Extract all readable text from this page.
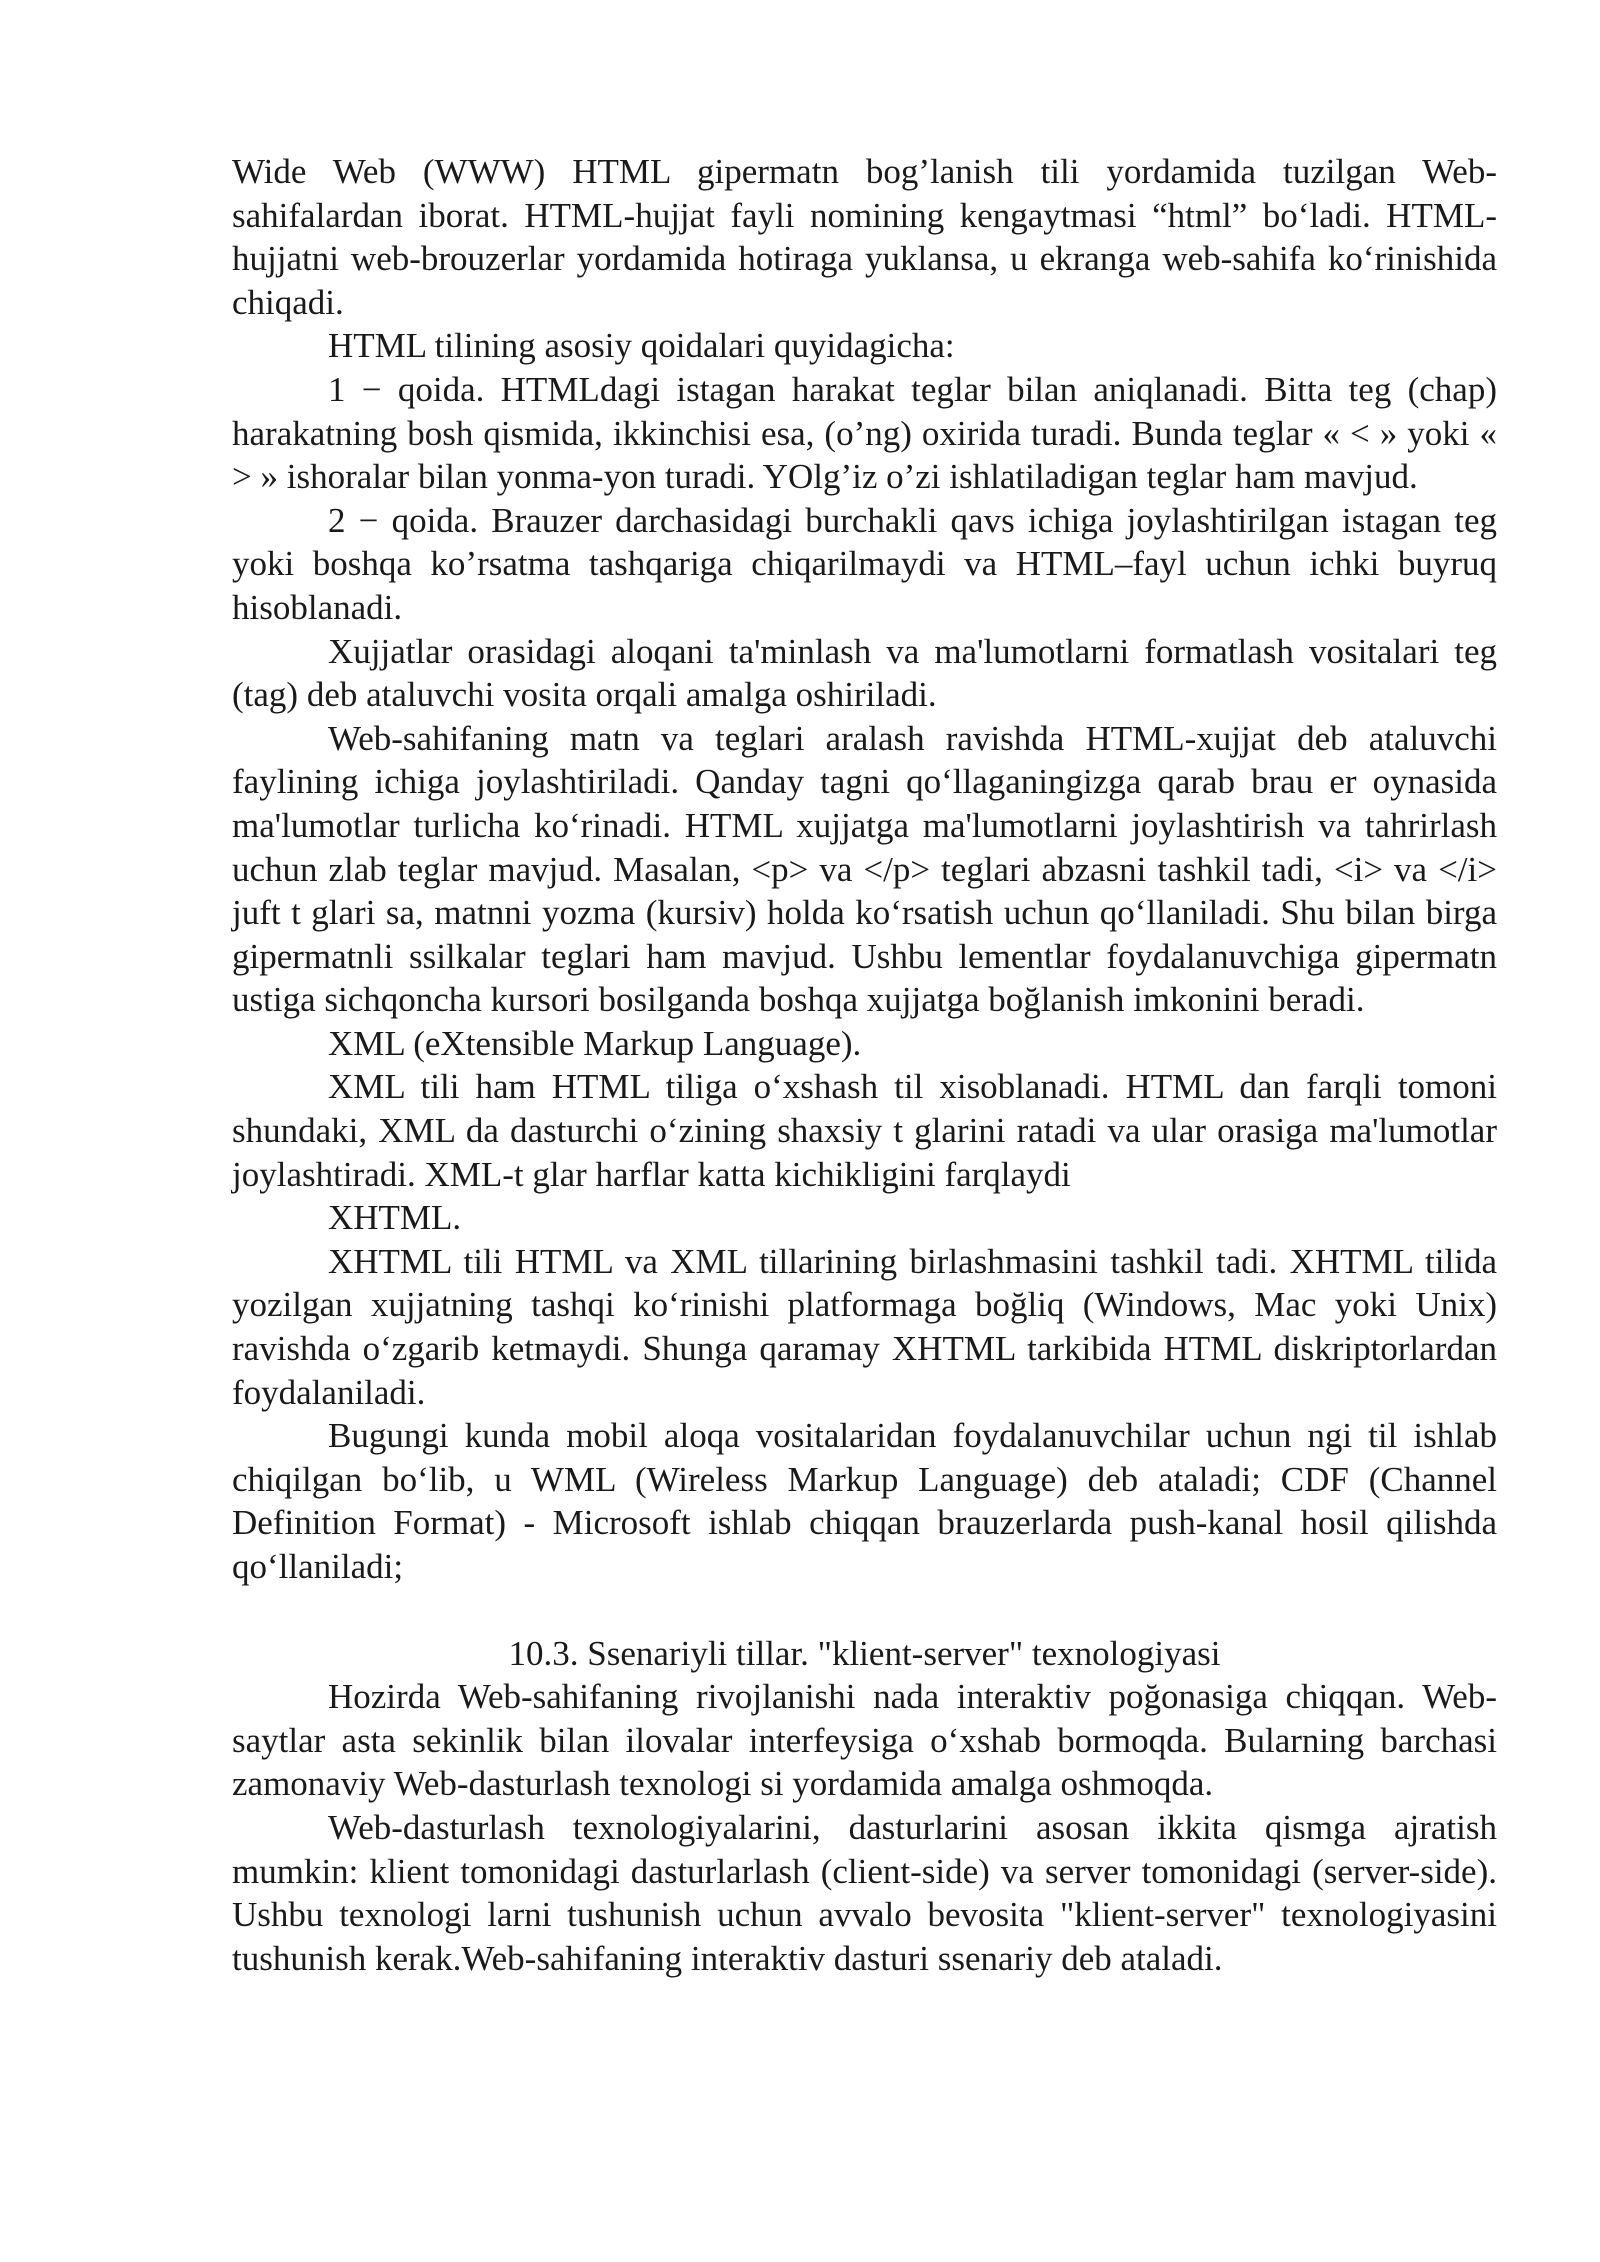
Wide Web (WWW) HTML gipermatn bog’lanish tili yordamida tuzilgan Web-sahifalardan iborat. HTML-hujjat fayli nomining kengaytmasi “html” bo‘ladi. HTML-hujjatni web-brouzerlar yordamida hotiraga yuklansa, u ekranga web-sahifa ko‘rinishida chiqadi.

HTML tilining asosiy qoidalari quyidagicha:

1 − qoida. HTMLdagi istagan harakat teglar bilan aniqlanadi. Bitta teg (chap) harakatning bosh qismida, ikkinchisi esa, (o’ng) oxirida turadi. Bunda teglar « < » yoki « > » ishoralar bilan yonma-yon turadi. YOlg’iz o’zi ishlatiladigan teglar ham mavjud.

2 − qoida. Brauzer darchasidagi burchakli qavs ichiga joylashtirilgan istagan teg yoki boshqa ko’rsatma tashqariga chiqarilmaydi va HTML–fayl uchun ichki buyruq hisoblanadi.

Xujjatlar orasidagi aloqani ta'minlash va ma'lumotlarni formatlash vositalari teg (tag) deb ataluvchi vosita orqali amalga oshiriladi.

Web-sahifaning matn va teglari aralash ravishda HTML-xujjat deb ataluvchi faylining ichiga joylashtiriladi. Qanday tagni qoʻllaganingizga qarab brau er oynasida ma'lumotlar turlicha koʻrinadi. HTML xujjatga ma'lumotlarni joylashtirish va tahrirlash uchun zlab teglar mavjud. Masalan, <p> va </p> teglari abzasni tashkil tadi, <i> va </i> juft t glari sa, matnni yozma (kursiv) holda koʻrsatish uchun qoʻllaniladi. Shu bilan birga gipermatnli ssilkalar teglari ham mavjud. Ushbu lementlar foydalanuvchiga gipermatn ustiga sichqoncha kursori bosilganda boshqa xujjatga boğlanish imkonini beradi.

XML (eXtensible Markup Language).

XML tili ham HTML tiliga oʻxshash til xisoblanadi. HTML dan farqli tomoni shundaki, XML da dasturchi oʻzining shaxsiy t glarini ratadi va ular orasiga ma'lumotlar joylashtiradi. XML-t glar harflar katta kichikligini farqlaydi

XHTML.

XHTML tili HTML va XML tillarining birlashmasini tashkil tadi. XHTML tilida yozilgan xujjatning tashqi koʻrinishi platformaga boğliq (Windows, Mac yoki Unix) ravishda oʻzgarib ketmaydi. Shunga qaramay XHTML tarkibida HTML diskriptorlardan foydalaniladi.

Bugungi kunda mobil aloqa vositalaridan foydalanuvchilar uchun ngi til ishlab chiqilgan boʻlib, u WML (Wireless Markup Language) deb ataladi; CDF (Channel Definition Format) - Microsoft ishlab chiqqan brauzerlarda push-kanal hosil qilishda qoʻllaniladi;

10.3. Ssenariyli tillar. "klient-server" texnologiyasi

Hozirda Web-sahifaning rivojlanishi nada interaktiv poğonasiga chiqqan. Web-saytlar asta sekinlik bilan ilovalar interfeysiga oʻxshab bormoqda. Bularning barchasi zamonaviy Web-dasturlash texnologi si yordamida amalga oshmoqda.

Web-dasturlash texnologiyalarini, dasturlarini asosan ikkita qismga ajratish mumkin: klient tomonidagi dasturlarlash (client-side) va server tomonidagi (server-side). Ushbu texnologi larni tushunish uchun avvalo bevosita "klient-server" texnologiyasini tushunish kerak.Web-sahifaning interaktiv dasturi ssenariy deb ataladi.
